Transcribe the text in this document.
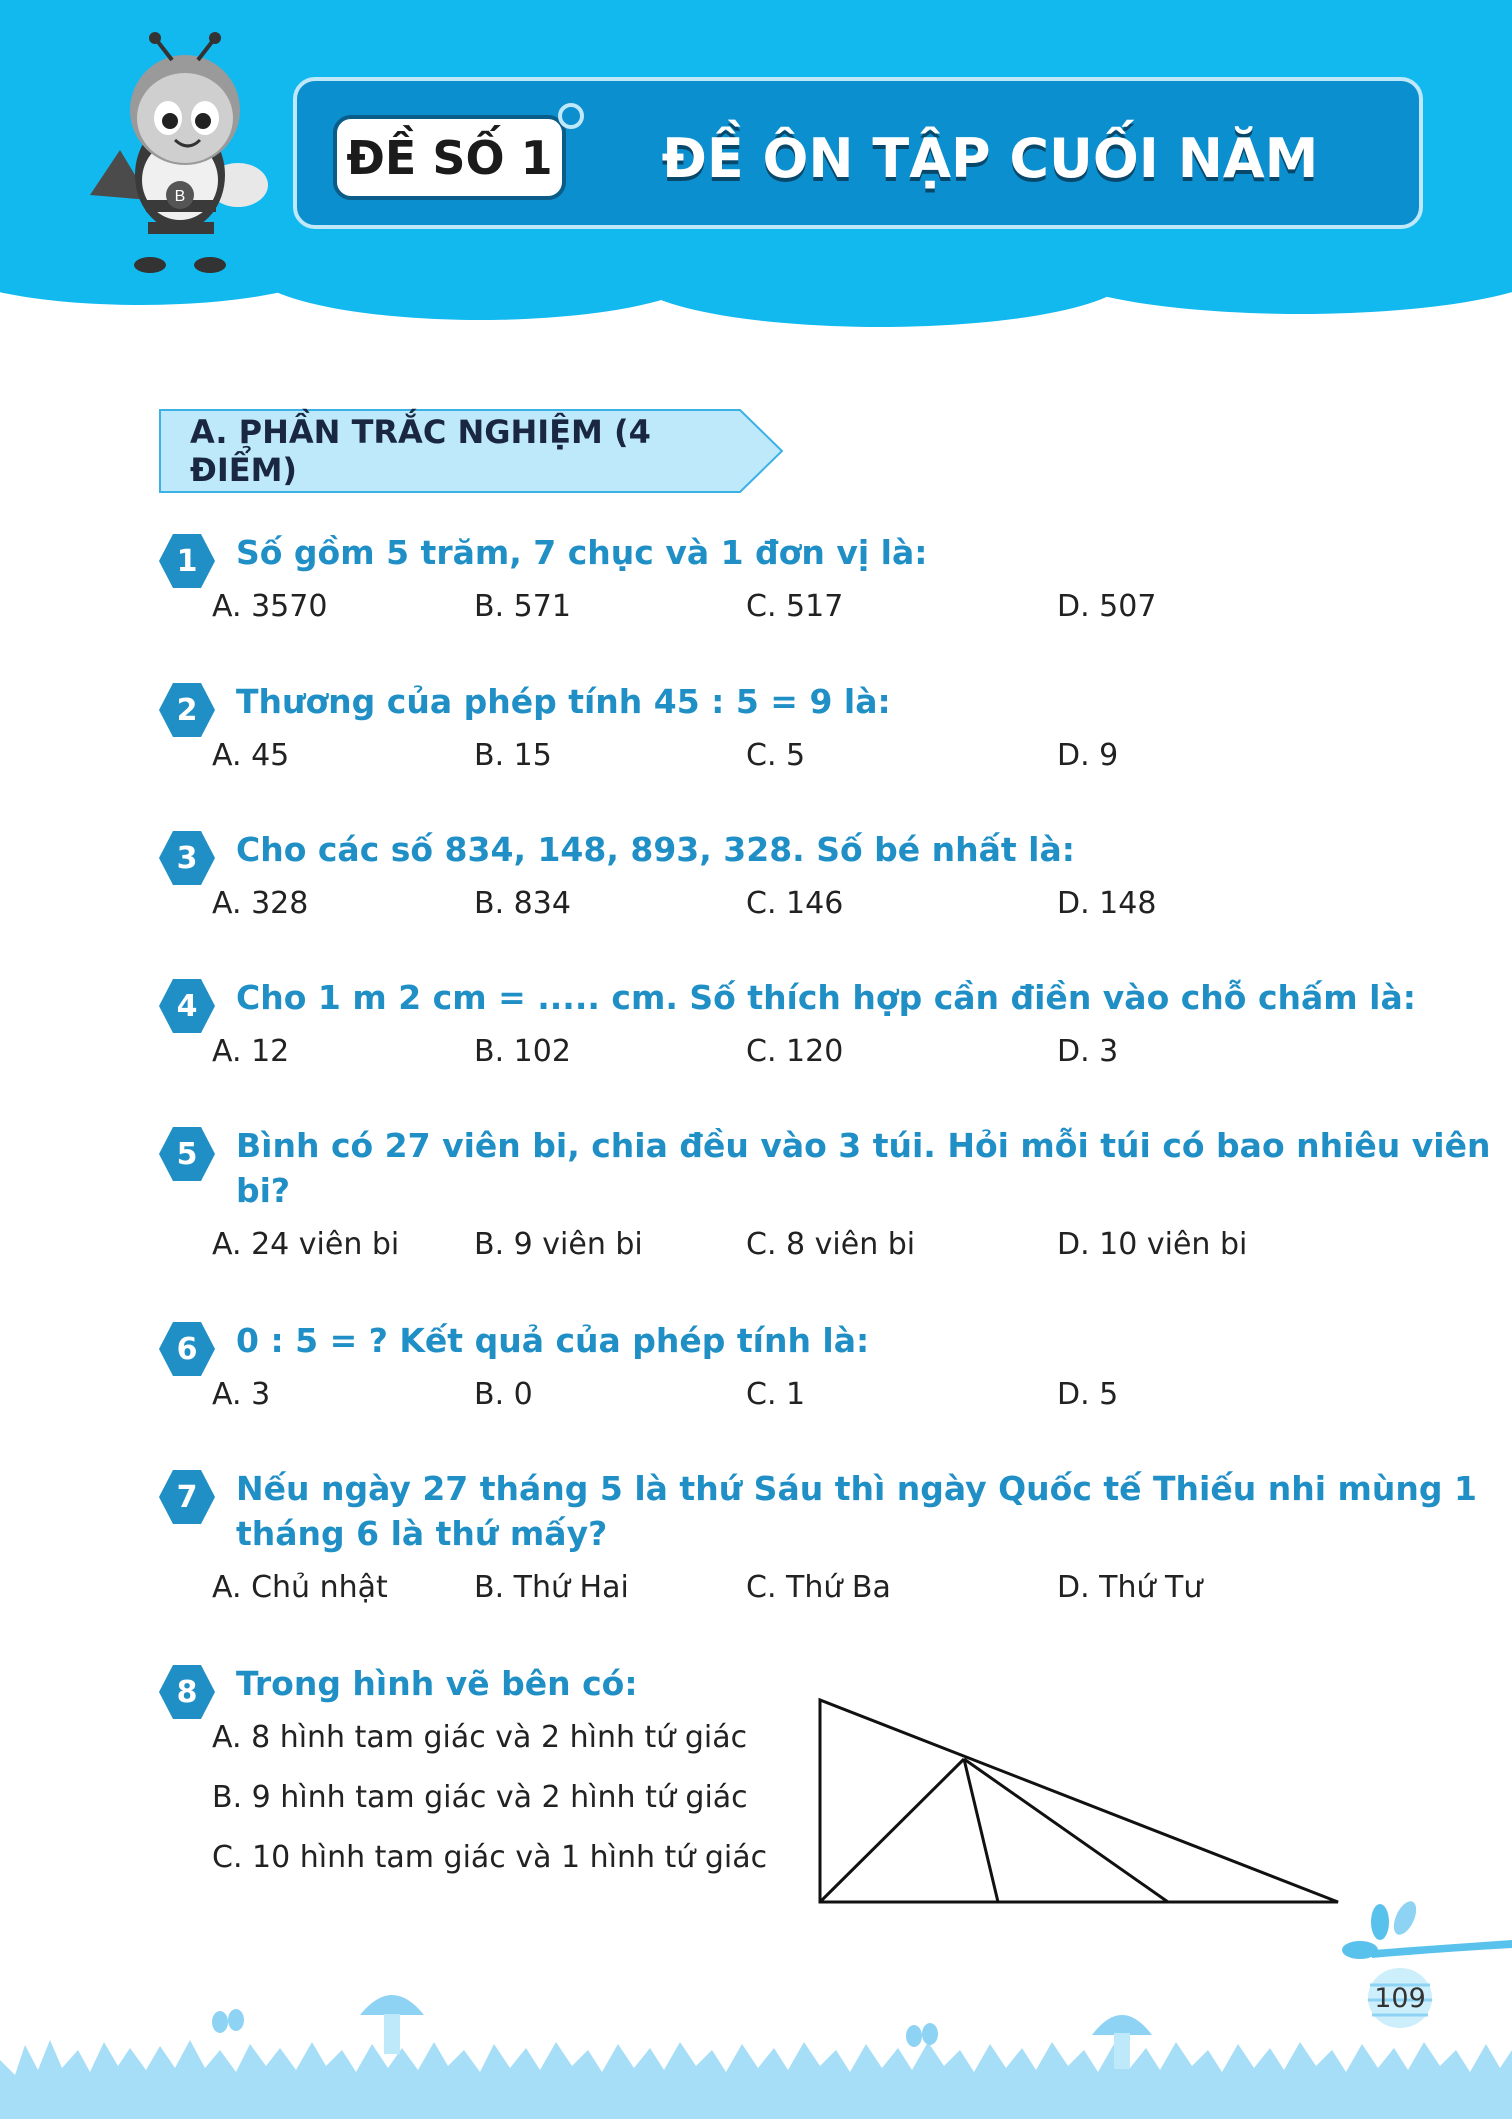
B
ĐỀ SỐ 1	ĐỀ ÔN TẬP CUỐI NĂM
A. PHẦN TRẮC NGHIỆM (4 ĐIỂM)
1 Số gồm 5 trăm, 7 chục và 1 đơn vị là:
A. 3570	B. 571	C. 517	D. 507
2 Thương của phép tính 45 : 5 = 9 là:
A. 45	B. 15	C. 5	D. 9
3 Cho các số 834, 148, 893, 328. Số bé nhất là:
A. 328	B. 834	C. 146	D. 148
4 Cho 1 m 2 cm = ..... cm. Số thích hợp cần điền vào chỗ chấm là:
A. 12	B. 102	C. 120	D. 3
5 Bình có 27 viên bi, chia đều vào 3 túi. Hỏi mỗi túi có bao nhiêu viên
bi?
A. 24 viên bi B. 9 viên bi	C. 8 viên bi	D. 10 viên bi
6 0 : 5 = ? Kết quả của phép tính là:
A. 3	B. 0	C. 1	D. 5
7 Nếu ngày 27 tháng 5 là thứ Sáu thì ngày Quốc tế Thiếu nhi mùng 1
tháng 6 là thứ mấy?
A. Chủ nhật	B. Thứ Hai	C. Thứ Ba	D. Thứ Tư
8 Trong hình vẽ bên có:
A. 8 hình tam giác và 2 hình tứ giác
B. 9 hình tam giác và 2 hình tứ giác
C. 10 hình tam giác và 1 hình tứ giác
109
